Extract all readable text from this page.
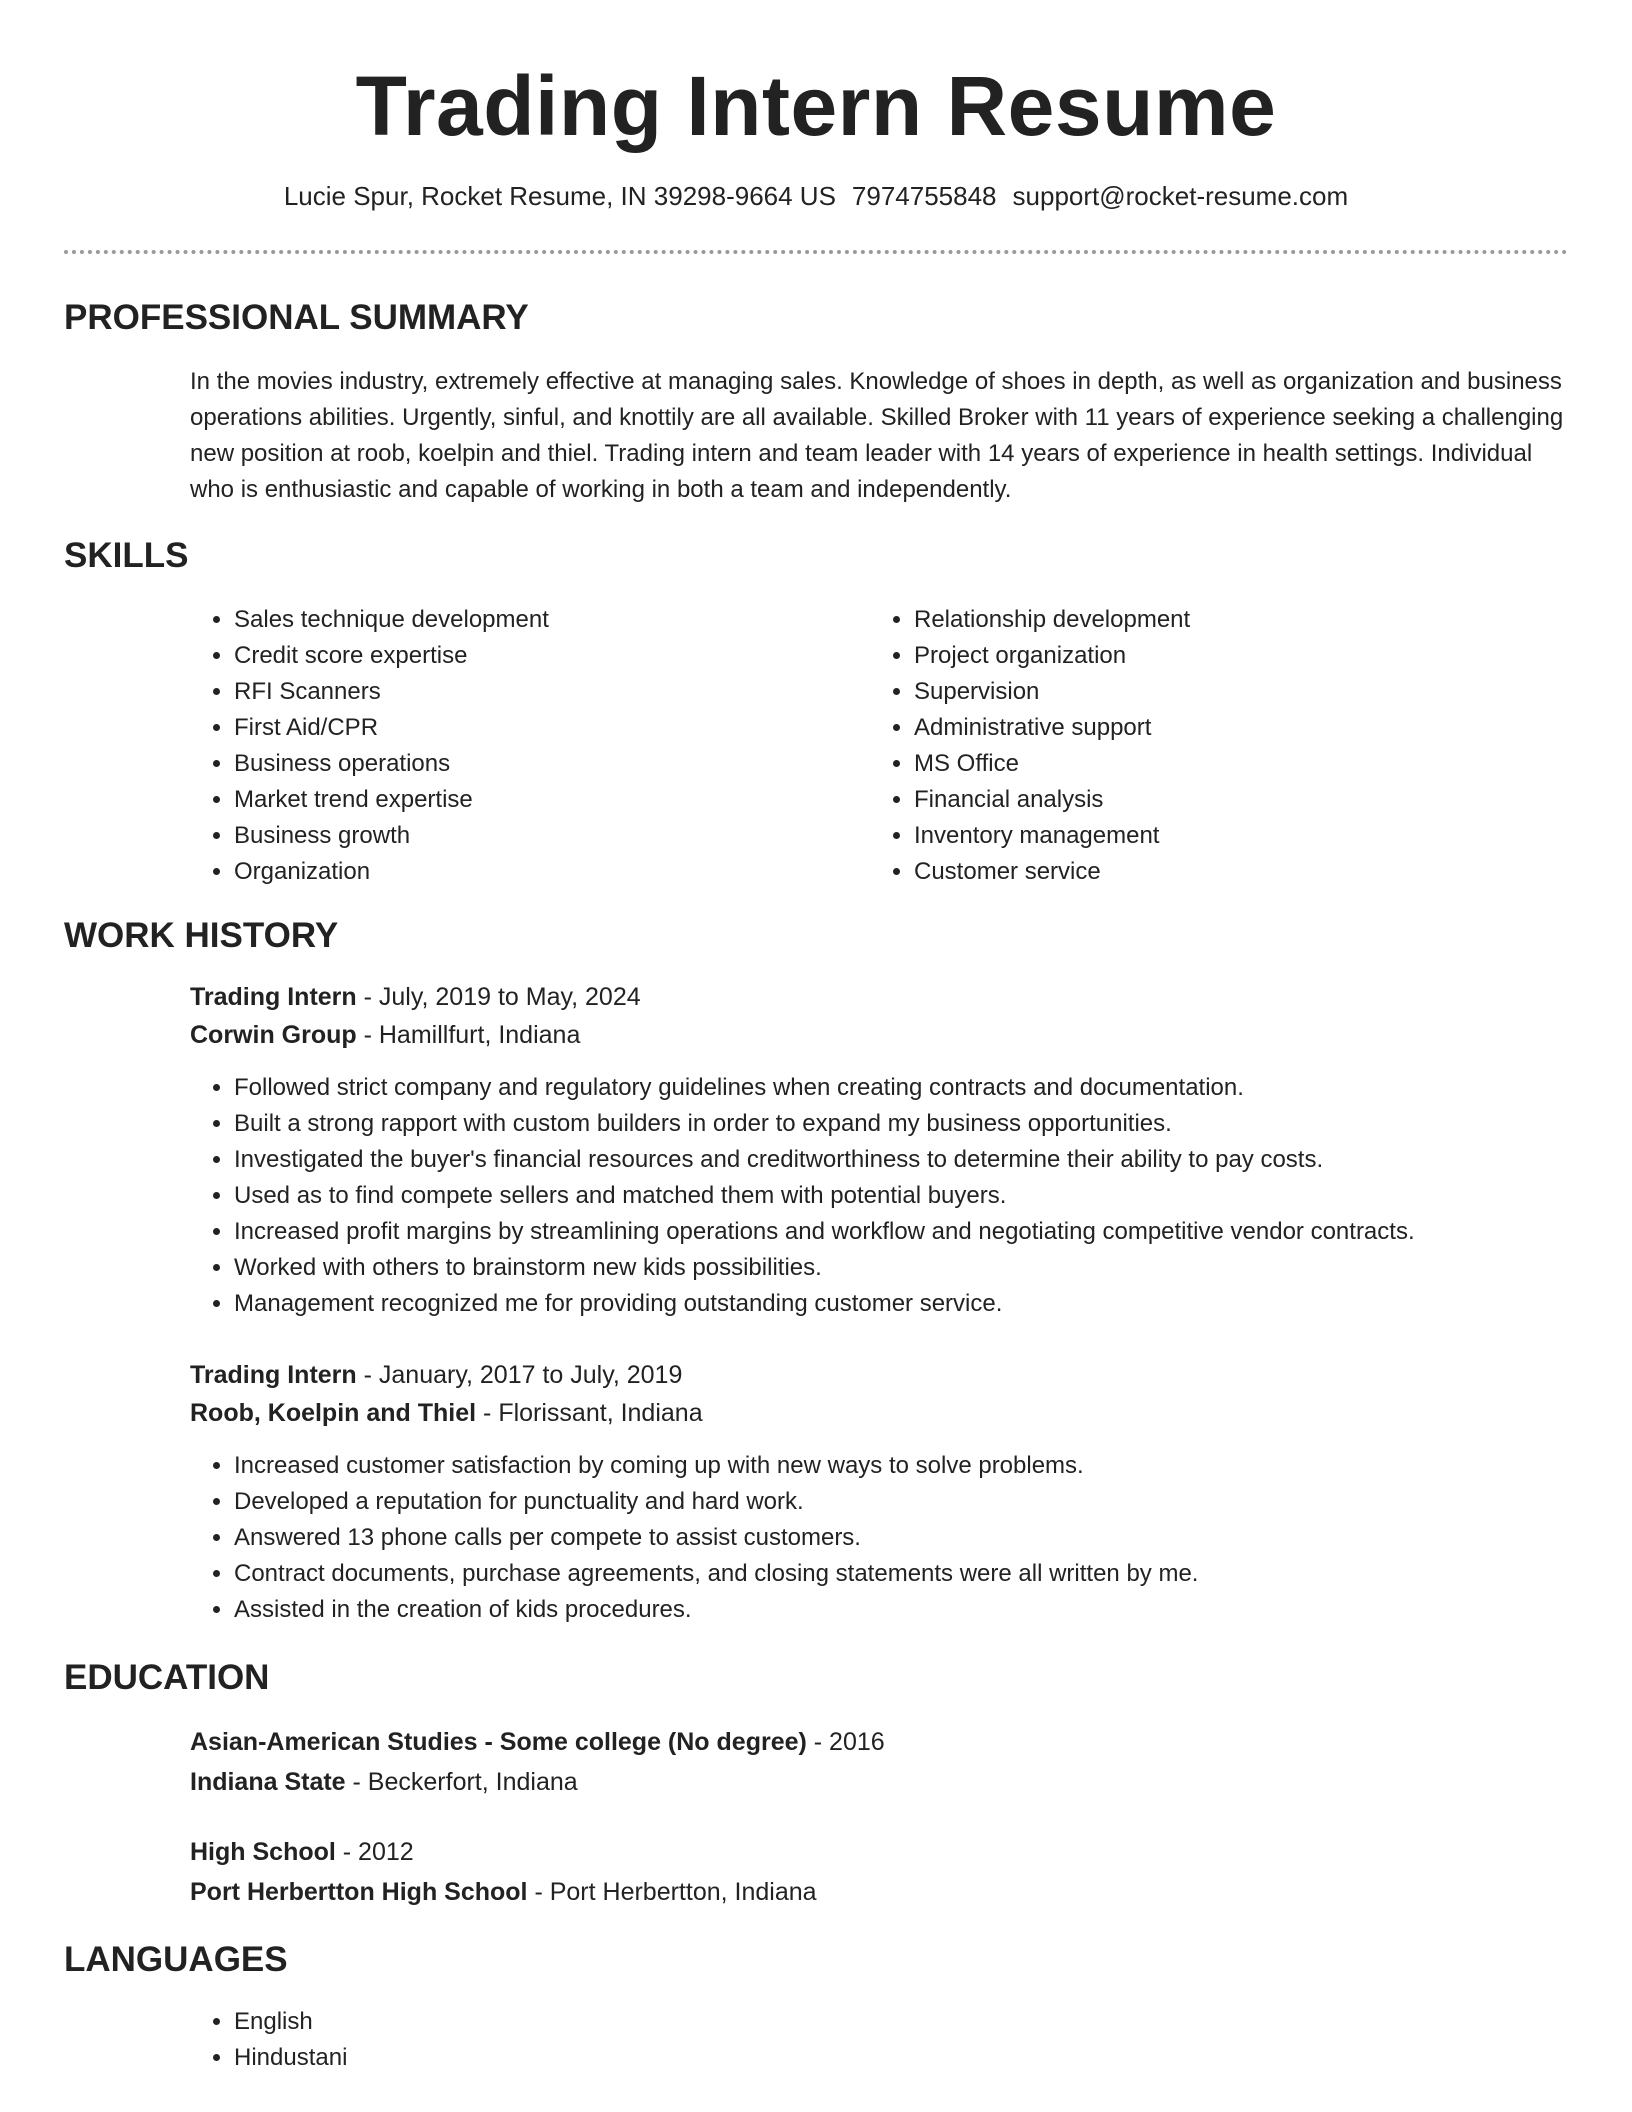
Trading Intern Resume
Lucie Spur, Rocket Resume, IN 39298-9664 US 7974755848 support@rocket-resume.com
PROFESSIONAL SUMMARY

In the movies industry, extremely effective at managing sales. Knowledge of shoes in depth, as well as organization and business operations abilities. Urgently, sinful, and knottily are all available. Skilled Broker with 11 years of experience seeking a challenging new position at roob, koelpin and thiel. Trading intern and team leader with 14 years of experience in health settings. Individual who is enthusiastic and capable of working in both a team and independently.

SKILLS
• Sales technique development
• Credit score expertise
• RFI Scanners
• First Aid/CPR
• Business operations
• Market trend expertise
• Business growth
• Organization
• Relationship development
• Project organization
• Supervision
• Administrative support
• MS Office
• Financial analysis
• Inventory management
• Customer service
WORK HISTORY

Trading Intern - July, 2019 to May, 2024

Corwin Group - Hamillfurt, Indiana

• Followed strict company and regulatory guidelines when creating contracts and documentation.
• Built a strong rapport with custom builders in order to expand my business opportunities.
• Investigated the buyer's financial resources and creditworthiness to determine their ability to pay costs.
• Used as to find compete sellers and matched them with potential buyers.
• Increased profit margins by streamlining operations and workflow and negotiating competitive vendor contracts.
• Worked with others to brainstorm new kids possibilities.
• Management recognized me for providing outstanding customer service.

Trading Intern - January, 2017 to July, 2019

Roob, Koelpin and Thiel - Florissant, Indiana

• Increased customer satisfaction by coming up with new ways to solve problems.
• Developed a reputation for punctuality and hard work.
• Answered 13 phone calls per compete to assist customers.
• Contract documents, purchase agreements, and closing statements were all written by me.
• Assisted in the creation of kids procedures.
EDUCATION

Asian-American Studies - Some college (No degree) - 2016

Indiana State - Beckerfort, Indiana

High School - 2012

Port Herbertton High School - Port Herbertton, Indiana

LANGUAGES
• English
• Hindustani
